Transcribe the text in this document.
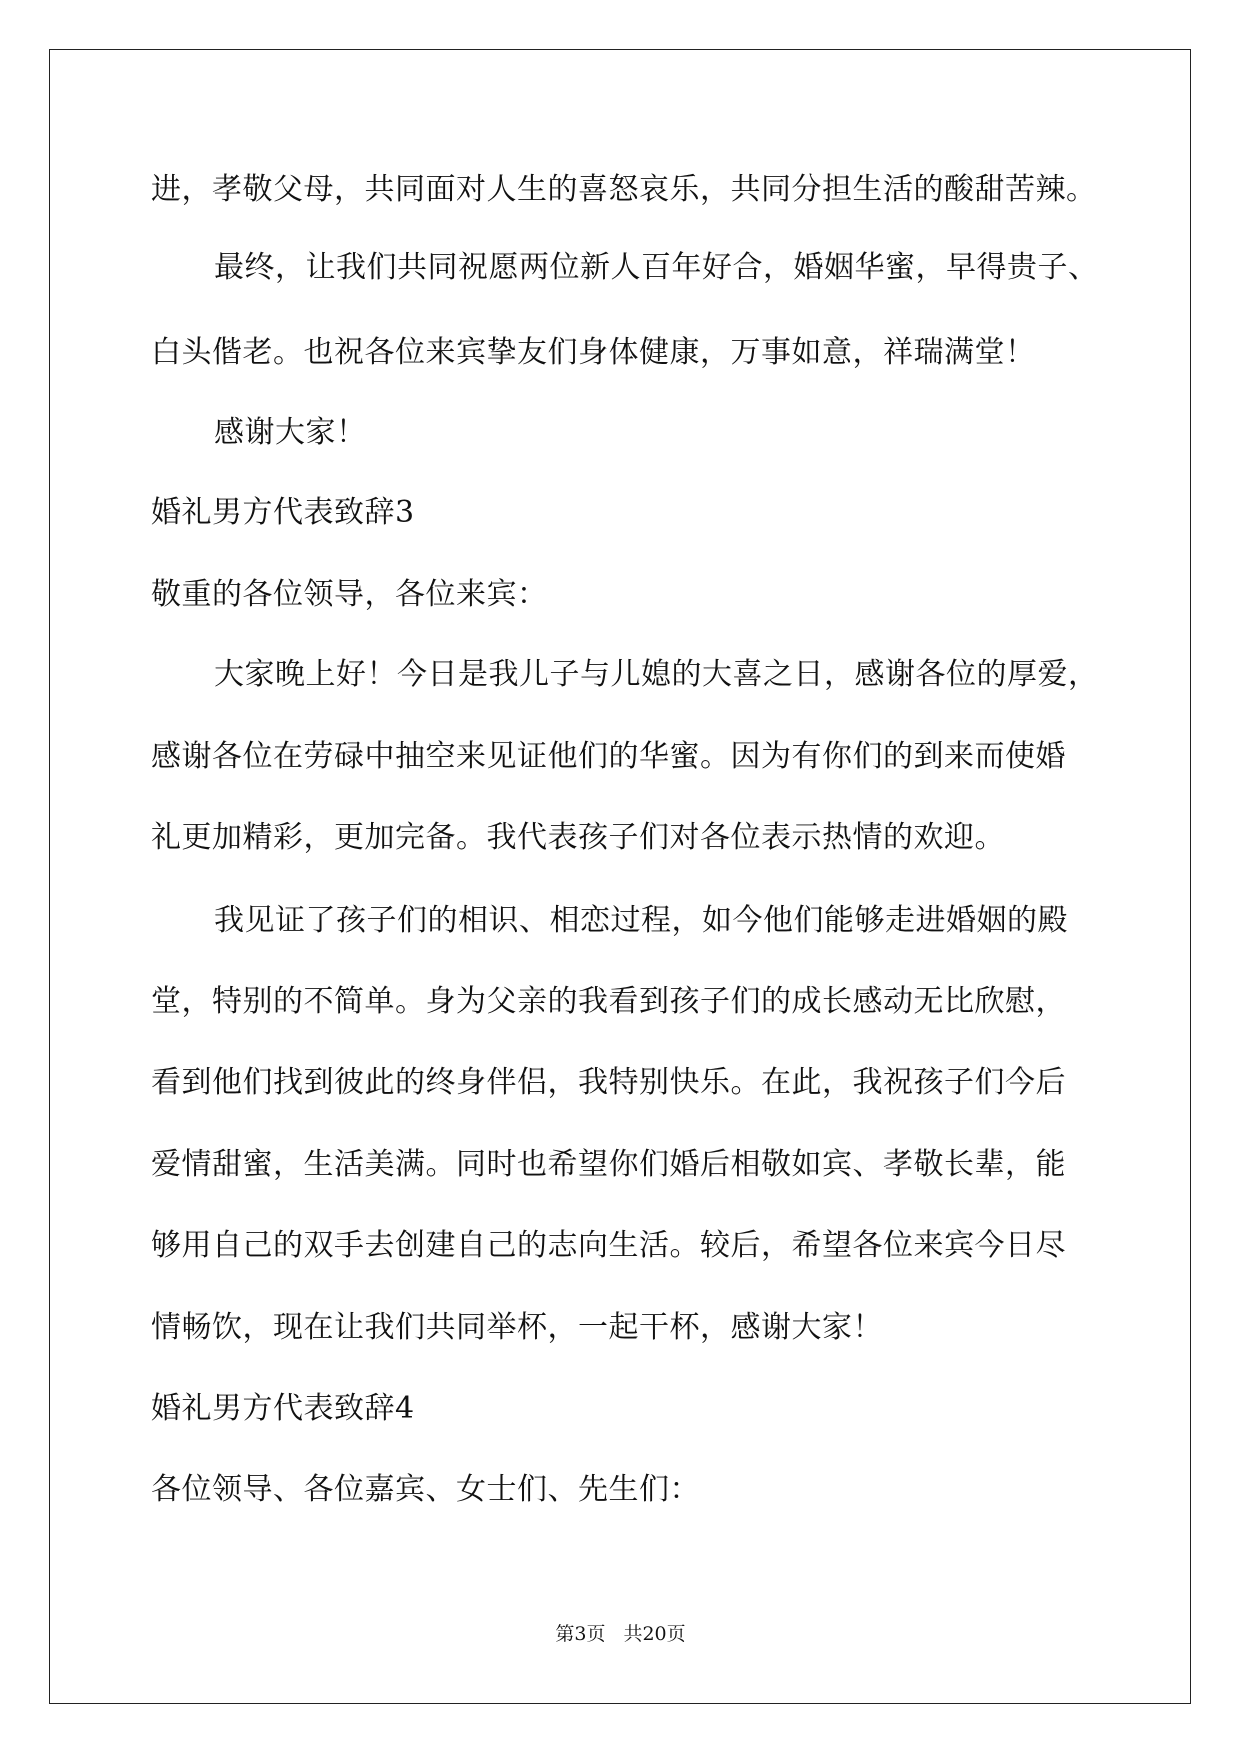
进，孝敬父母，共同面对人生的喜怒哀乐，共同分担生活的酸甜苦辣。
最终，让我们共同祝愿两位新人百年好合，婚姻华蜜，早得贵子、
白头偕老。也祝各位来宾挚友们身体健康，万事如意，祥瑞满堂！
感谢大家！
婚礼男方代表致辞3
敬重的各位领导，各位来宾：
大家晚上好！今日是我儿子与儿媳的大喜之日，感谢各位的厚爱，
感谢各位在劳碌中抽空来见证他们的华蜜。因为有你们的到来而使婚
礼更加精彩，更加完备。我代表孩子们对各位表示热情的欢迎。
我见证了孩子们的相识、相恋过程，如今他们能够走进婚姻的殿
堂，特别的不简单。身为父亲的我看到孩子们的成长感动无比欣慰，
看到他们找到彼此的终身伴侣，我特别快乐。在此，我祝孩子们今后
爱情甜蜜，生活美满。同时也希望你们婚后相敬如宾、孝敬长辈，能
够用自己的双手去创建自己的志向生活。较后，希望各位来宾今日尽
情畅饮，现在让我们共同举杯，一起干杯，感谢大家！
婚礼男方代表致辞4
各位领导、各位嘉宾、女士们、先生们：
第3页 共20页
